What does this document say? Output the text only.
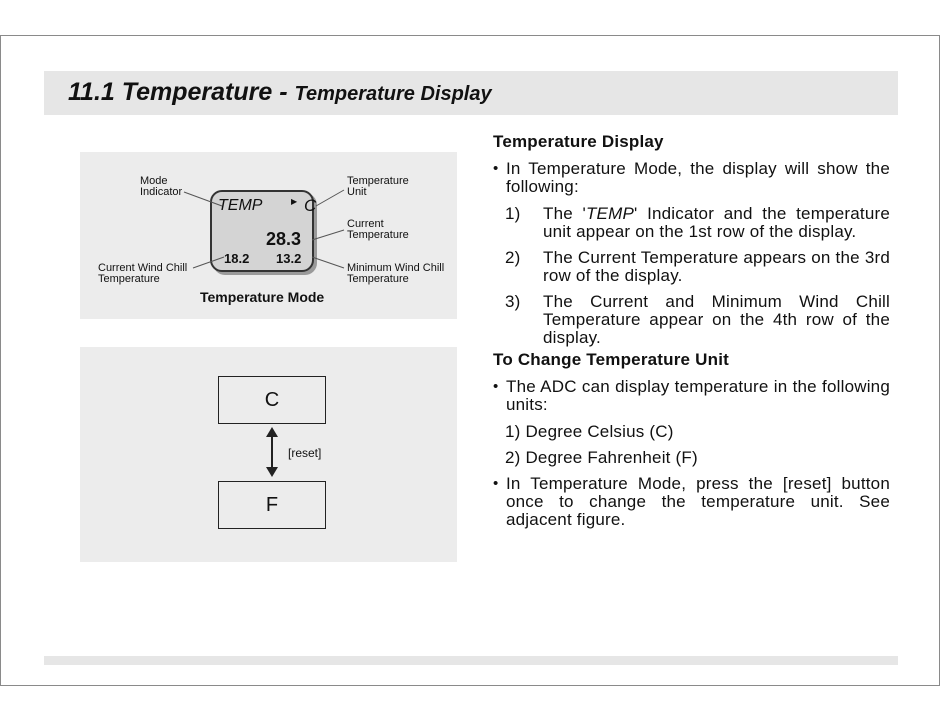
11.1 Temperature - Temperature Display
TEMP	▶ C
28.3
18.2 13.2
Mode
Indicator
Temperature
Unit
Current
Temperature
Current Wind Chill
Temperature
Minimum Wind Chill
Temperature
Temperature Mode
C
F
[reset]
Temperature Display
• In Temperature Mode, the display will show the following:
1) The 'TEMP' Indicator and the temperature unit appear on the 1st row of the display.
2) The Current Temperature appears on the 3rd row of the display.
3) The Current and Minimum Wind Chill Temperature appear on the 4th row of the display.
To Change Temperature Unit
• The ADC can display temperature in the following units:
1) Degree Celsius (C)
2) Degree Fahrenheit (F)
• In Temperature Mode, press the [reset] button once to change the temperature unit. See adjacent figure.
